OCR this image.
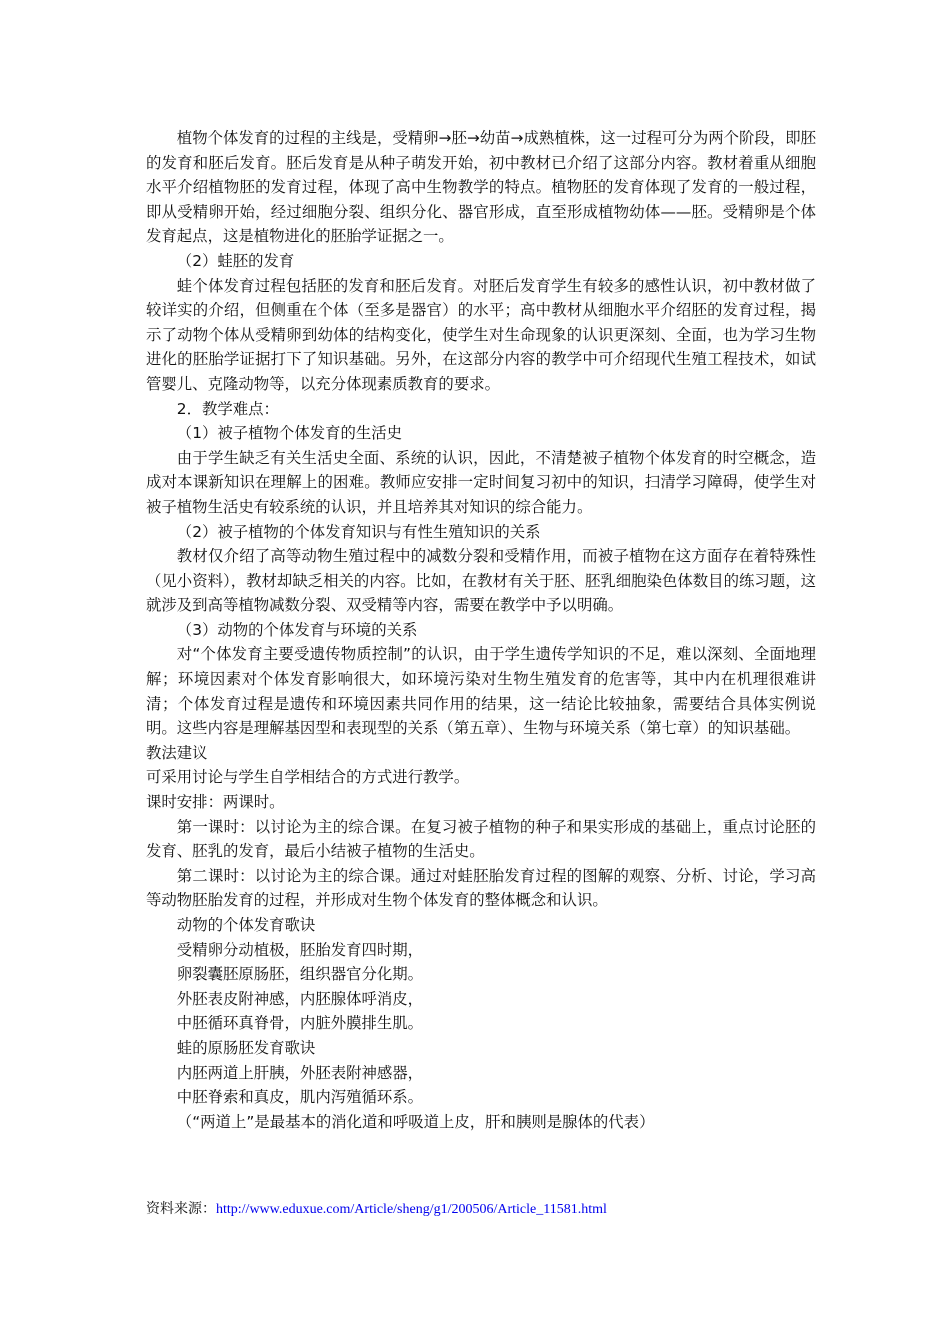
植物个体发育的过程的主线是，受精卵→胚→幼苗→成熟植株，这一过程可分为两个阶段，即胚的发育和胚后发育。胚后发育是从种子萌发开始，初中教材已介绍了这部分内容。教材着重从细胞水平介绍植物胚的发育过程，体现了高中生物教学的特点。植物胚的发育体现了发育的一般过程，即从受精卵开始，经过细胞分裂、组织分化、器官形成，直至形成植物幼体——胚。受精卵是个体发育起点，这是植物进化的胚胎学证据之一。

（2）蛙胚的发育

蛙个体发育过程包括胚的发育和胚后发育。对胚后发育学生有较多的感性认识，初中教材做了较详实的介绍，但侧重在个体（至多是器官）的水平；高中教材从细胞水平介绍胚的发育过程，揭示了动物个体从受精卵到幼体的结构变化，使学生对生命现象的认识更深刻、全面，也为学习生物进化的胚胎学证据打下了知识基础。另外，在这部分内容的教学中可介绍现代生殖工程技术，如试管婴儿、克隆动物等，以充分体现素质教育的要求。

2．教学难点：

（1）被子植物个体发育的生活史

由于学生缺乏有关生活史全面、系统的认识，因此，不清楚被子植物个体发育的时空概念，造成对本课新知识在理解上的困难。教师应安排一定时间复习初中的知识，扫清学习障碍，使学生对被子植物生活史有较系统的认识，并且培养其对知识的综合能力。

（2）被子植物的个体发育知识与有性生殖知识的关系

教材仅介绍了高等动物生殖过程中的减数分裂和受精作用，而被子植物在这方面存在着特殊性（见小资料），教材却缺乏相关的内容。比如，在教材有关于胚、胚乳细胞染色体数目的练习题，这就涉及到高等植物减数分裂、双受精等内容，需要在教学中予以明确。

（3）动物的个体发育与环境的关系

对“个体发育主要受遗传物质控制”的认识，由于学生遗传学知识的不足，难以深刻、全面地理解；环境因素对个体发育影响很大，如环境污染对生物生殖发育的危害等，其中内在机理很难讲清；个体发育过程是遗传和环境因素共同作用的结果，这一结论比较抽象，需要结合具体实例说明。这些内容是理解基因型和表现型的关系（第五章）、生物与环境关系（第七章）的知识基础。

教法建议

可采用讨论与学生自学相结合的方式进行教学。

课时安排：两课时。

第一课时：以讨论为主的综合课。在复习被子植物的种子和果实形成的基础上，重点讨论胚的发育、胚乳的发育，最后小结被子植物的生活史。

第二课时：以讨论为主的综合课。通过对蛙胚胎发育过程的图解的观察、分析、讨论，学习高等动物胚胎发育的过程，并形成对生物个体发育的整体概念和认识。

动物的个体发育歌诀

受精卵分动植极，胚胎发育四时期，

卵裂囊胚原肠胚，组织器官分化期。

外胚表皮附神感，内胚腺体呼消皮，

中胚循环真脊骨，内脏外膜排生肌。

蛙的原肠胚发育歌诀

内胚两道上肝胰，外胚表附神感器，

中胚脊索和真皮，肌内泻殖循环系。

（“两道上”是最基本的消化道和呼吸道上皮，肝和胰则是腺体的代表）

资料来源：http://www.eduxue.com/Article/sheng/g1/200506/Article_11581.html
